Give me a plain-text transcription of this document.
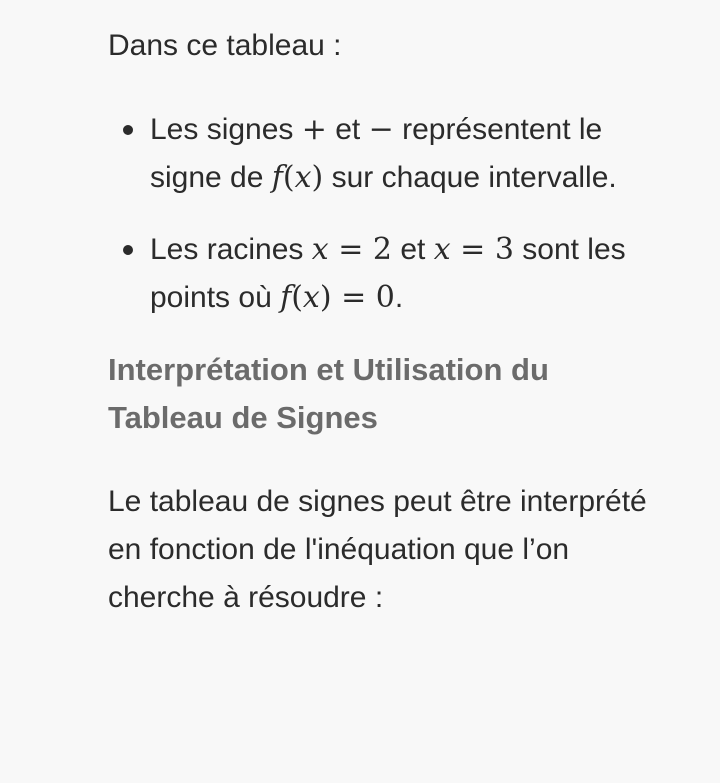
Dans ce tableau :

Les signes + et − représentent le signe de f(x) sur chaque intervalle.
Les racines x = 2 et x = 3 sont les points où f(x) = 0.
Interprétation et Utilisation du Tableau de Signes

Le tableau de signes peut être interprété en fonction de l'inéquation que l’on cherche à résoudre :
